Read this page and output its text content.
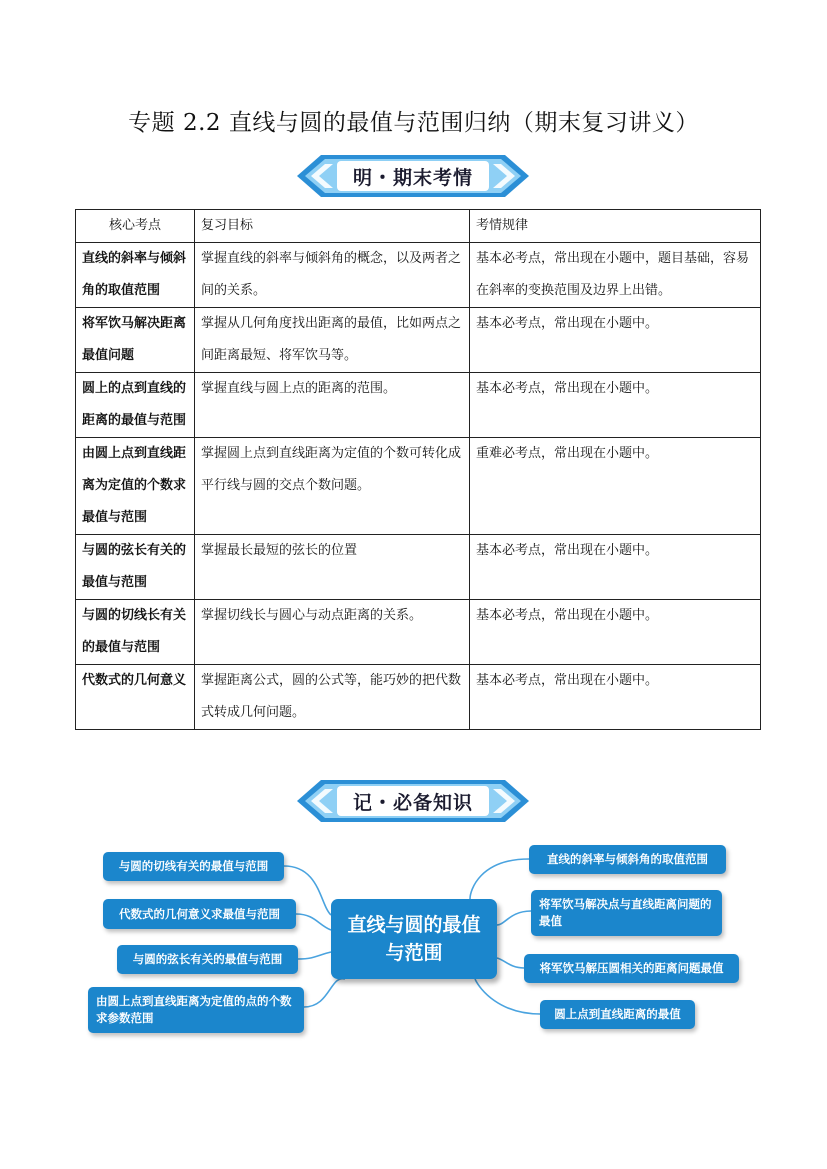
专题 2.2 直线与圆的最值与范围归纳（期末复习讲义）
明・期末考情
核心考点	复习目标	考情规律
直线的斜率与倾斜角的取值范围	掌握直线的斜率与倾斜角的概念，以及两者之间的关系。	基本必考点，常出现在小题中，题目基础，容易在斜率的变换范围及边界上出错。
将军饮马解决距离最值问题	掌握从几何角度找出距离的最值，比如两点之间距离最短、将军饮马等。	基本必考点，常出现在小题中。
圆上的点到直线的距离的最值与范围	掌握直线与圆上点的距离的范围。	基本必考点，常出现在小题中。
由圆上点到直线距离为定值的个数求最值与范围	掌握圆上点到直线距离为定值的个数可转化成平行线与圆的交点个数问题。	重难必考点，常出现在小题中。
与圆的弦长有关的最值与范围	掌握最长最短的弦长的位置	基本必考点，常出现在小题中。
与圆的切线长有关的最值与范围	掌握切线长与圆心与动点距离的关系。	基本必考点，常出现在小题中。
代数式的几何意义	掌握距离公式，圆的公式等，能巧妙的把代数式转成几何问题。	基本必考点，常出现在小题中。
记・必备知识
与圆的切线有关的最值与范围
代数式的几何意义求最值与范围
与圆的弦长有关的最值与范围
由圆上点到直线距离为定值的点的个数求参数范围
直线与圆的最值与范围
直线的斜率与倾斜角的取值范围
将军饮马解决点与直线距离问题的最值
将军饮马解压圆相关的距离问题最值
圆上点到直线距离的最值
